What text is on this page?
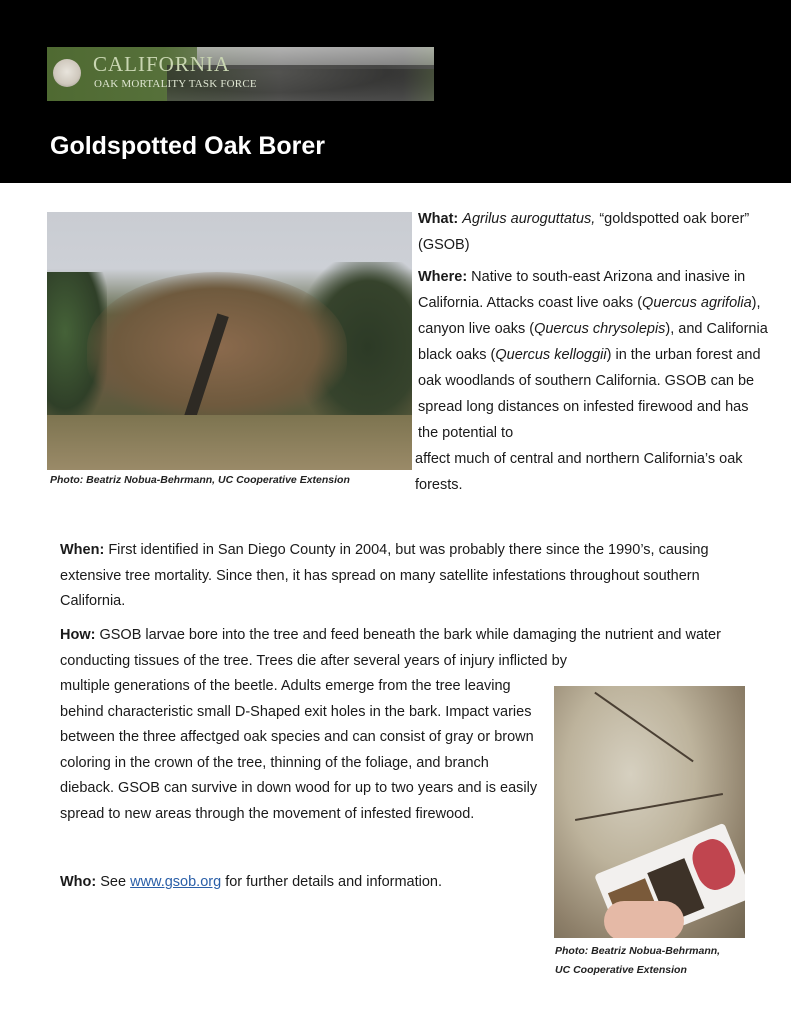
CALIFORNIA
OAK MORTALITY TASK FORCE
Goldspotted Oak Borer
Photo: Beatriz Nobua-Behrmann, UC Cooperative Extension

What: Agrilus auroguttatus, “goldspotted oak borer” (GSOB)

Where: Native to south-east Arizona and inasive in California. Attacks coast live oaks (Quercus agrifolia), canyon live oaks (Quercus chrysolepis), and California black oaks (Quercus kelloggii) in the urban forest and oak woodlands of southern California. GSOB can be spread long distances on infested firewood and has the potential to
affect much of central and northern California’s oak forests.

When: First identified in San Diego County in 2004, but was probably there since the 1990’s, causing extensive tree mortality. Since then, it has spread on many satellite infestations throughout southern California.
How: GSOB larvae bore into the tree and feed beneath the bark while damaging the nutrient and water conducting tissues of the tree. Trees die after several years of injury inflicted by
multiple generations of the beetle. Adults emerge from the tree leaving behind characteristic small D-Shaped exit holes in the bark. Impact varies between the three affectged oak species and can consist of gray or brown coloring in the crown of the tree, thinning of the foliage, and branch dieback. GSOB can survive in down wood for up to two years and is easily spread to new areas through the movement of infested firewood.
Who: See www.gsob.org for further details and information.
Photo: Beatriz Nobua-Behrmann,
UC Cooperative Extension
